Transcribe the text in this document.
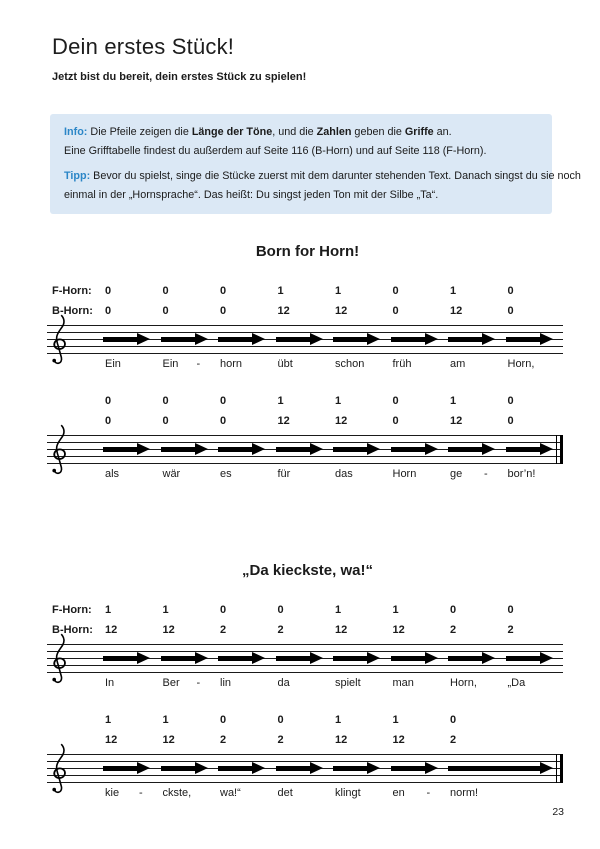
Dein erstes Stück!
Jetzt bist du bereit, dein erstes Stück zu spielen!

Info: Die Pfeile zeigen die Länge der Töne, und die Zahlen geben die Griffe an.
Eine Grifftabelle findest du außerdem auf Seite 116 (B-Horn) und auf Seite 118 (F-Horn).

Tipp: Bevor du spielst, singe die Stücke zuerst mit dem darunter stehenden Text. Danach singst du sie noch
einmal in der „Hornsprache“. Das heißt: Du singst jeden Ton mit der Silbe „Ta“.

Born for Horn!
F-Horn: 0	0	0	1	1	0	1	0
B-Horn: 0	0	0	12	12	0	12	0
Ein	Ein - horn	übt	schon	früh	am	Horn,
0	0	0	1	1	0	1	0
0	0	0	12	12	0	12	0
als	wär	es	für	das	Horn	ge - bor’n!
„Da kieckste, wa!“
F-Horn: 1	1	0	0	1	1	0	0
B-Horn: 12	12	2	2	12	12	2	2
In	Ber - lin	da	spielt	man	Horn,	„Da
1	1	0	0	1	1	0
12	12	2	2	12	12	2
kie - ckste,	wa!“	det	klingt	en - norm!
23
